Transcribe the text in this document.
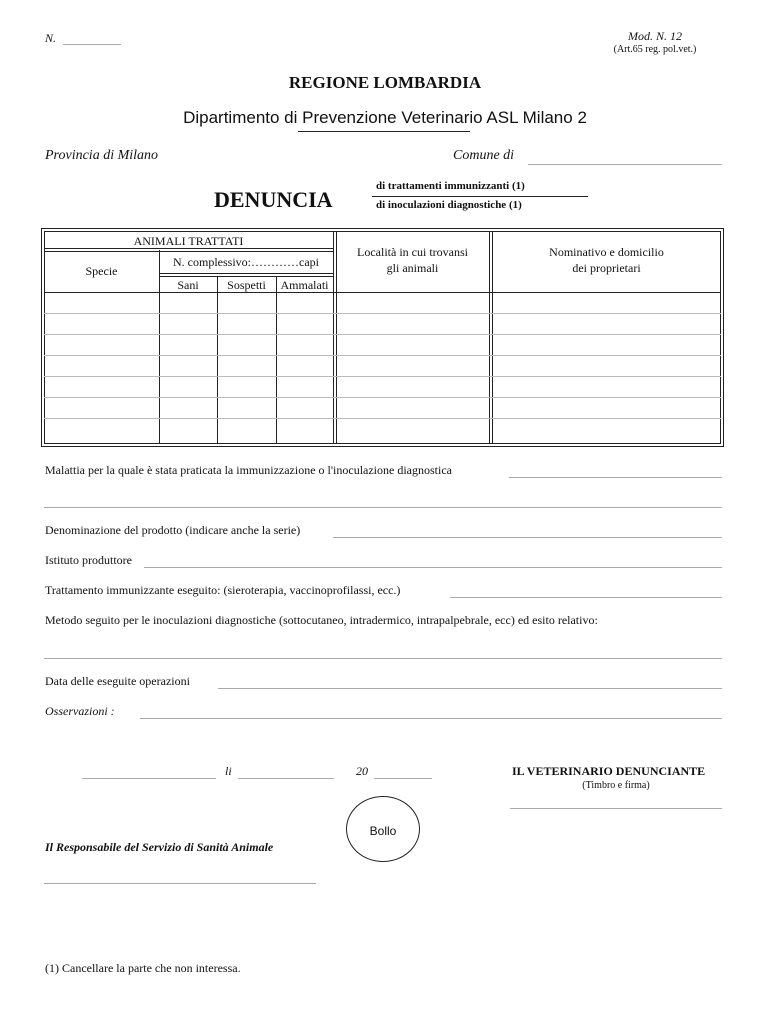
N.	Mod. N. 12
(Art.65 reg. pol.vet.)
REGIONE LOMBARDIA
Dipartimento di Prevenzione Veterinario ASL Milano 2
Provincia di Milano	Comune di
DENUNCIA
di trattamenti immunizzanti (1)
di inoculazioni diagnostiche (1)
ANIMALI TRATTATI
Specie
N. complessivo:…………capi
Sani	Sospetti	Ammalati
Località in cui trovansi
gli animali
Nominativo e domicilio
dei proprietari
Malattia per la quale è stata praticata la immunizzazione o l'inoculazione diagnostica
Denominazione del prodotto (indicare anche la serie)
Istituto produttore
Trattamento immunizzante eseguito: (sieroterapia, vaccinoprofilassi, ecc.)
Metodo seguito per le inoculazioni diagnostiche (sottocutaneo, intradermico, intrapalpebrale, ecc) ed esito relativo:
Data delle eseguite operazioni
Osservazioni :
li	20	IL VETERINARIO DENUNCIANTE
(Timbro e firma)
Bollo
Il Responsabile del Servizio di Sanità Animale
(1) Cancellare la parte che non interessa.
